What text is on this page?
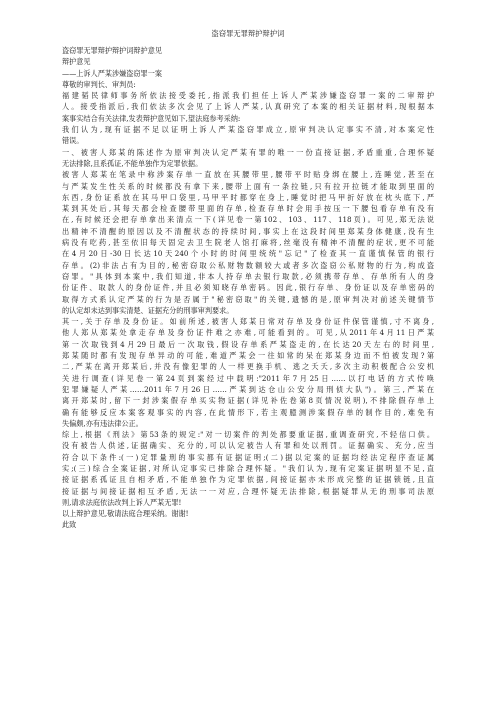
盗窃罪无罪辩护辩护词

盗窃罪无罪辩护辩护词辩护意见

辩护意见

——上诉人严某涉嫌盗窃罪一案

尊敬的审判长、审判员:

福建韬民律师事务所依法接受委托,指派我们担任上诉人严某涉嫌盗窃罪一案的二审辩护

人。接受指派后,我们依法多次会见了上诉人严某,认真研究了本案的相关证据材料,现根据本

案事实结合有关法律,发表辩护意见如下,望法庭参考采纳:

我们认为,现有证据不足以证明上诉人严某盗窃罪成立,原审判决认定事实不清,对本案定性

错误。

一、被害人郑某的陈述作为原审判决认定严某有罪的唯一一份直接证据,矛盾重重,合理怀疑

无法排除,且系孤证,不能单独作为定罪依据。

被害人郑某在笔录中称涉案存单一直放在其腰带里,腰带平时贴身绑在腰上,连睡觉,甚至在

与严某发生性关系的时候都没有拿下来,腰带上面有一条拉链,只有拉开拉链才能取到里面的

东西,身份证系放在其马甲口袋里,马甲平时都穿在身上,睡觉时把马甲折好放在枕头底下,严

某到其处后,其每天都会检查腰带里面的存单,检查存单时会用手按压一下腰包看存单有没有

在,有时候还会把存单拿出来清点一下(详见卷一第102、103、117、118页)。可见,郑无法说

出精神不清醒的原因以及不清醒状态的持续时间,事实上在这段时间里郑某身体健康,没有生

病没有吃药,甚至依旧每天固定去卫生院老人馆打麻将,丝毫没有精神不清醒的症状,更不可能

在4月20日-30日长达10天240个小时的时间里统统"忘记"了检查其一直谨慎保管的银行

存单。(2)非法占有为目的,秘密窃取公私财物数额较大或者多次盗窃公私财物的行为,构成盗

窃罪。"具体到本案中,我们知道,非本人持存单去银行取款,必须携带存单、存单所有人的身

份证件、取款人的身份证件,并且必须知晓存单密码。因此,银行存单、身份证以及存单密码的

取得方式系认定严某的行为是否属于"秘密窃取"的关键,遗憾的是,原审判决对前述关键情节

的认定却未达到事实清楚、证据充分的刑事审判要求。

其一,关于存单及身份证。如前所述,被害人郑某日常对存单及身份证件保管谨慎,寸不离身,

他人郑从郑某处拿走存单及身份证件难之亦难,可能看到的。可见,从2011年4月11日严某

第一次取钱到4月29日最后一次取钱,假设存单系严某盗走的,在长达20天左右的时间里,

郑某随时都有发现存单异动的可能,难道严某会一往如常的呆在郑某身边而不怕被发现?第

二,严某在离开郑某后,并没有像犯罪的人一样更换手机、逃之夭夭,多次主动积极配合公安机

关进行调查(详见卷一第24页到案经过中载明:"2011年7月25日……以打电话的方式传唤

犯罪嫌疑人严某……2011年7月26日……严某到达仓山公安分局刑侦大队")。第三,严某在

离开郑某时,留下一封涉案假存单买实物证据(详见补佐卷第8页情况说明),不排除假存单上

确有能够反应本案客观事实的内容,在此情形下,若主观臆测涉案假存单的制作目的,难免有

失偏颇,亦有违法律公正。

综上,根据《刑法》第53条的规定:"对一切案件的判处都要重证据,重调查研究,不轻信口供。

没有被告人供述,证据确实、充分的,可以认定被告人有罪和处以刑罚。证据确实、充分,应当

符合以下条件:(一)定罪量刑的事实都有证据证明;(二)据以定案的证据均经法定程序查证属

实;(三)综合全案证据,对所认定事实已排除合理怀疑。"我们认为,现有定案证据明显不足,直

接证据系孤证且自相矛盾,不能单独作为定罪依据,间接证据亦未形成完整的证据锁链,且直

接证据与间接证据相互矛盾,无法一一对应,合理怀疑无法排除,根据疑罪从无的刑事司法原

则,请求法庭依法改判上诉人严某无罪!

以上辩护意见,敬请法庭合理采纳。谢谢!

此致
